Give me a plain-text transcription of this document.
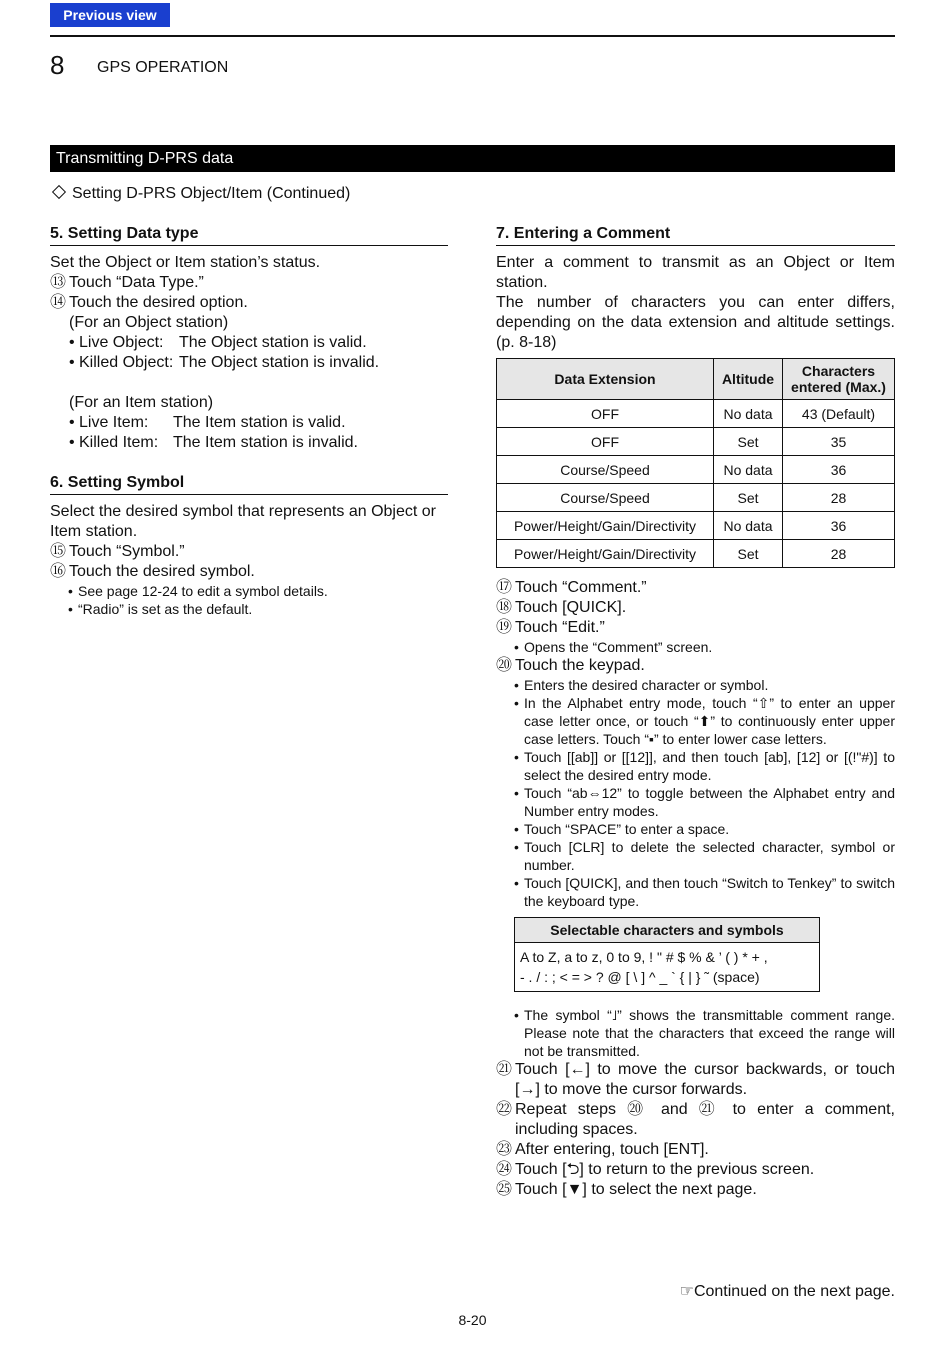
Previous view
8 GPS OPERATION
Transmitting D-PRS data
Setting D-PRS Object/Item (Continued)
5. Setting Data type

Set the Object or Item station’s status.

⑬ Touch “Data Type.”
⑭ Touch the desired option.
(For an Object station)
• Live Object: The Object station is valid.
• Killed Object: The Object station is invalid.
(For an Item station)
• Live Item:	The Item station is valid.
• Killed Item: The Item station is invalid.
6. Setting Symbol

Select the desired symbol that represents an Object or Item station.

⑮ Touch “Symbol.”
⑯ Touch the desired symbol.
• See page 12-24 to edit a symbol details.
• “Radio” is set as the default.
7. Entering a Comment

Enter a comment to transmit as an Object or Item station.

The number of characters you can enter differs, depending on the data extension and altitude settings. (p. 8-18)

Data Extension	Altitude	Characters entered (Max.)
OFF	No data	43 (Default)
OFF	Set	35
Course/Speed	No data	36
Course/Speed	Set	28
Power/Height/Gain/Directivity	No data	36
Power/Height/Gain/Directivity	Set	28
⑰ Touch “Comment.”
⑱ Touch [QUICK].
⑲ Touch “Edit.”
• Opens the “Comment” screen.
⑳ Touch the keypad.
• Enters the desired character or symbol.
• In the Alphabet entry mode, touch “⇧” to enter an upper case letter once, or touch “⬆” to continuously enter upper case letters. Touch “▪” to enter lower case letters.
• Touch [[ab]] or [[12]], and then touch [ab], [12] or [(!"#)] to select the desired entry mode.
• Touch “ab⇔12” to toggle between the Alphabet entry and Number entry modes.
• Touch “SPACE” to enter a space.
• Touch [CLR] to delete the selected character, symbol or number.
• Touch [QUICK], and then touch “Switch to Tenkey” to switch the keyboard type.
Selectable characters and symbols

A to Z, a to z, 0 to 9, ! " # $ % & ’ ( ) * + ,
- . / : ; < = > ? @ [ \ ] ^ _ ` { | } ˜ (space)
• The symbol “˩” shows the transmittable comment range. Please note that the characters that exceed the range will not be transmitted.
㉑ Touch [←] to move the cursor backwards, or touch [→] to move the cursor forwards.
㉒ Repeat steps ⑳ and ㉑ to enter a comment, including spaces.
㉓ After entering, touch [ENT].
㉔ Touch [⮌] to return to the previous screen.
㉕ Touch [▼] to select the next page.
☞Continued on the next page.
8-20
